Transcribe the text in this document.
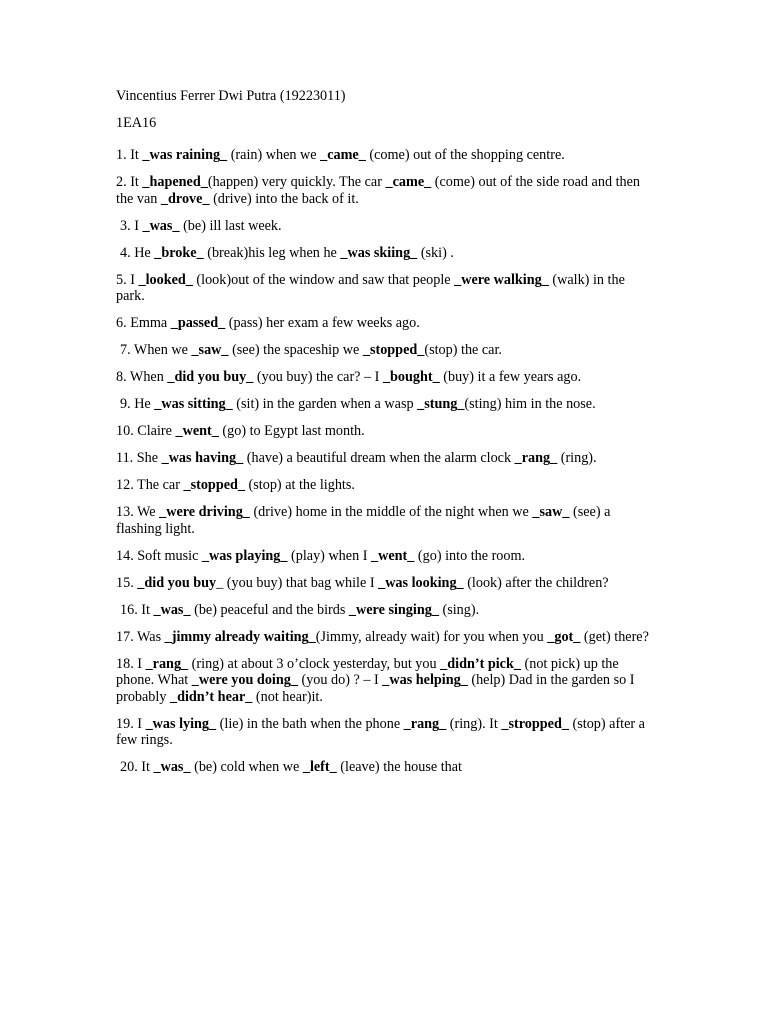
Vincentius Ferrer Dwi Putra (19223011)

1EA16

1. It _was raining_ (rain) when we _came_ (come) out of the shopping centre.

2. It _hapened_(happen) very quickly. The car _came_ (come) out of the side road and then the van _drove_ (drive) into the back of it.

3. I _was_ (be) ill last week.

4. He _broke_ (break)his leg when he _was skiing_ (ski) .

5. I _looked_ (look)out of the window and saw that people _were walking_ (walk) in the park.

6. Emma _passed_ (pass) her exam a few weeks ago.

7. When we _saw_ (see) the spaceship we _stopped_(stop) the car.

8. When _did you buy_ (you buy) the car? – I _bought_ (buy) it a few years ago.

9. He _was sitting_ (sit) in the garden when a wasp _stung_(sting) him in the nose.

10. Claire _went_ (go) to Egypt last month.

11. She _was having_ (have) a beautiful dream when the alarm clock _rang_ (ring).

12. The car _stopped_ (stop) at the lights.

13. We _were driving_ (drive) home in the middle of the night when we _saw_ (see) a flashing light.

14. Soft music _was playing_ (play) when I _went_ (go) into the room.

15. _did you buy_ (you buy) that bag while I _was looking_ (look) after the children?

16. It _was_ (be) peaceful and the birds _were singing_ (sing).

17. Was _jimmy already waiting_(Jimmy, already wait) for you when you _got_ (get) there?

18. I _rang_ (ring) at about 3 o’clock yesterday, but you _didn’t pick_ (not pick) up the phone. What _were you doing_ (you do) ? – I _was helping_ (help) Dad in the garden so I probably _didn’t hear_ (not hear)it.

19. I _was lying_ (lie) in the bath when the phone _rang_ (ring). It _stropped_ (stop) after a few rings.

20. It _was_ (be) cold when we _left_ (leave) the house that
